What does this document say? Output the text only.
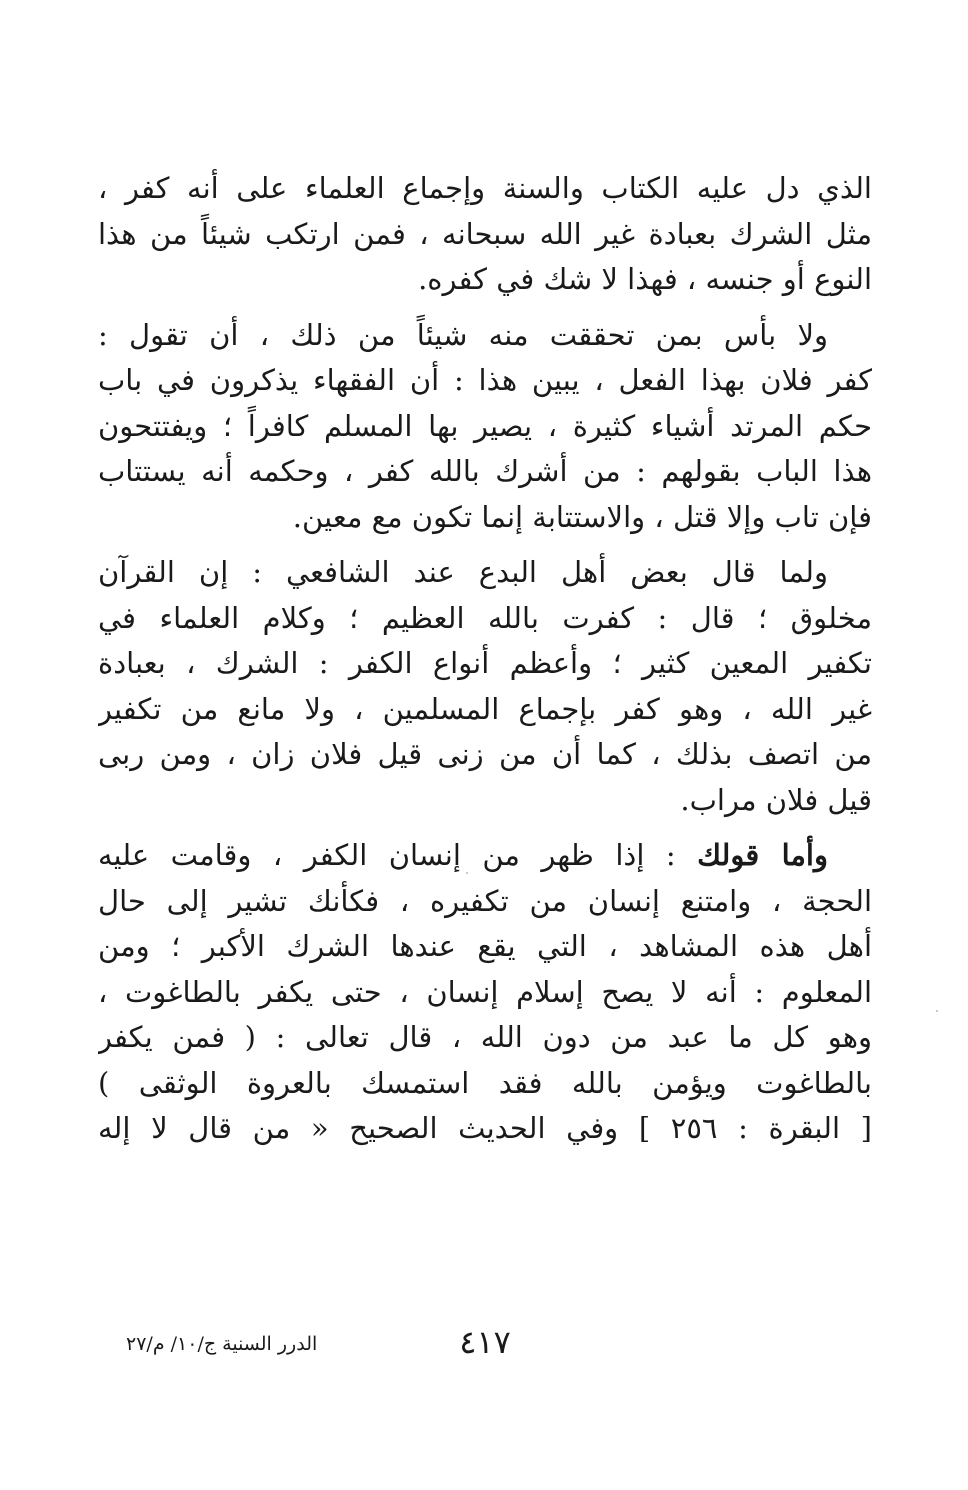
الذي دل عليه الكتاب والسنة وإجماع العلماء على أنه كفر ،
مثل الشرك بعبادة غير الله سبحانه ، فمن ارتكب شيئاً من هذا
النوع أو جنسه ، فهذا لا شك في كفره.
ولا بأس بمن تحققت منه شيئاً من ذلك ، أن تقول :
كفر فلان بهذا الفعل ، يبين هذا : أن الفقهاء يذكرون في باب
حكم المرتد أشياء كثيرة ، يصير بها المسلم كافراً ؛ ويفتتحون
هذا الباب بقولهم : من أشرك بالله كفر ، وحكمه أنه يستتاب
فإن تاب وإلا قتل ، والاستتابة إنما تكون مع معين.
ولما قال بعض أهل البدع عند الشافعي : إن القرآن
مخلوق ؛ قال : كفرت بالله العظيم ؛ وكلام العلماء في
تكفير المعين كثير ؛ وأعظم أنواع الكفر : الشرك ، بعبادة
غير الله ، وهو كفر بإجماع المسلمين ، ولا مانع من تكفير
من اتصف بذلك ، كما أن من زنى قيل فلان زان ، ومن ربى
قيل فلان مراب.
وأما قولك : إذا ظهر من إنسان الكفر ، وقامت عليه
الحجة ، وامتنع إنسان من تكفيره ، فكأنك تشير إلى حال
أهل هذه المشاهد ، التي يقع عندها الشرك الأكبر ؛ ومن
المعلوم : أنه لا يصح إسلام إنسان ، حتى يكفر بالطاغوت ،
وهو كل ما عبد من دون الله ، قال تعالى : ( فمن يكفر
بالطاغوت ويؤمن بالله فقد استمسك بالعروة الوثقى )
[ البقرة : ٢٥٦ ] وفي الحديث الصحيح « من قال لا إله
٤١٧
الدرر السنية ج/١٠/ م/٢٧
